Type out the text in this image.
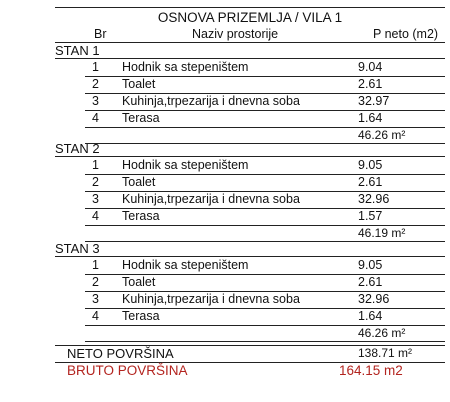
OSNOVA PRIZEMLJA / VILA 1
Br	Naziv prostorije	P neto (m2)
STAN 1
1 Hodnik sa stepeništem	9.04
2 Toalet	2.61
3 Kuhinja,trpezarija i dnevna soba	32.97
4 Terasa	1.64
46.26 m²
STAN 2
1 Hodnik sa stepeništem	9.05
2 Toalet	2.61
3 Kuhinja,trpezarija i dnevna soba	32.96
4 Terasa	1.57
46.19 m²
STAN 3
1 Hodnik sa stepeništem	9.05
2 Toalet	2.61
3 Kuhinja,trpezarija i dnevna soba	32.96
4 Terasa	1.64
46.26 m²
NETO POVRŠINA	138.71 m²
BRUTO POVRŠINA	164.15 m2
